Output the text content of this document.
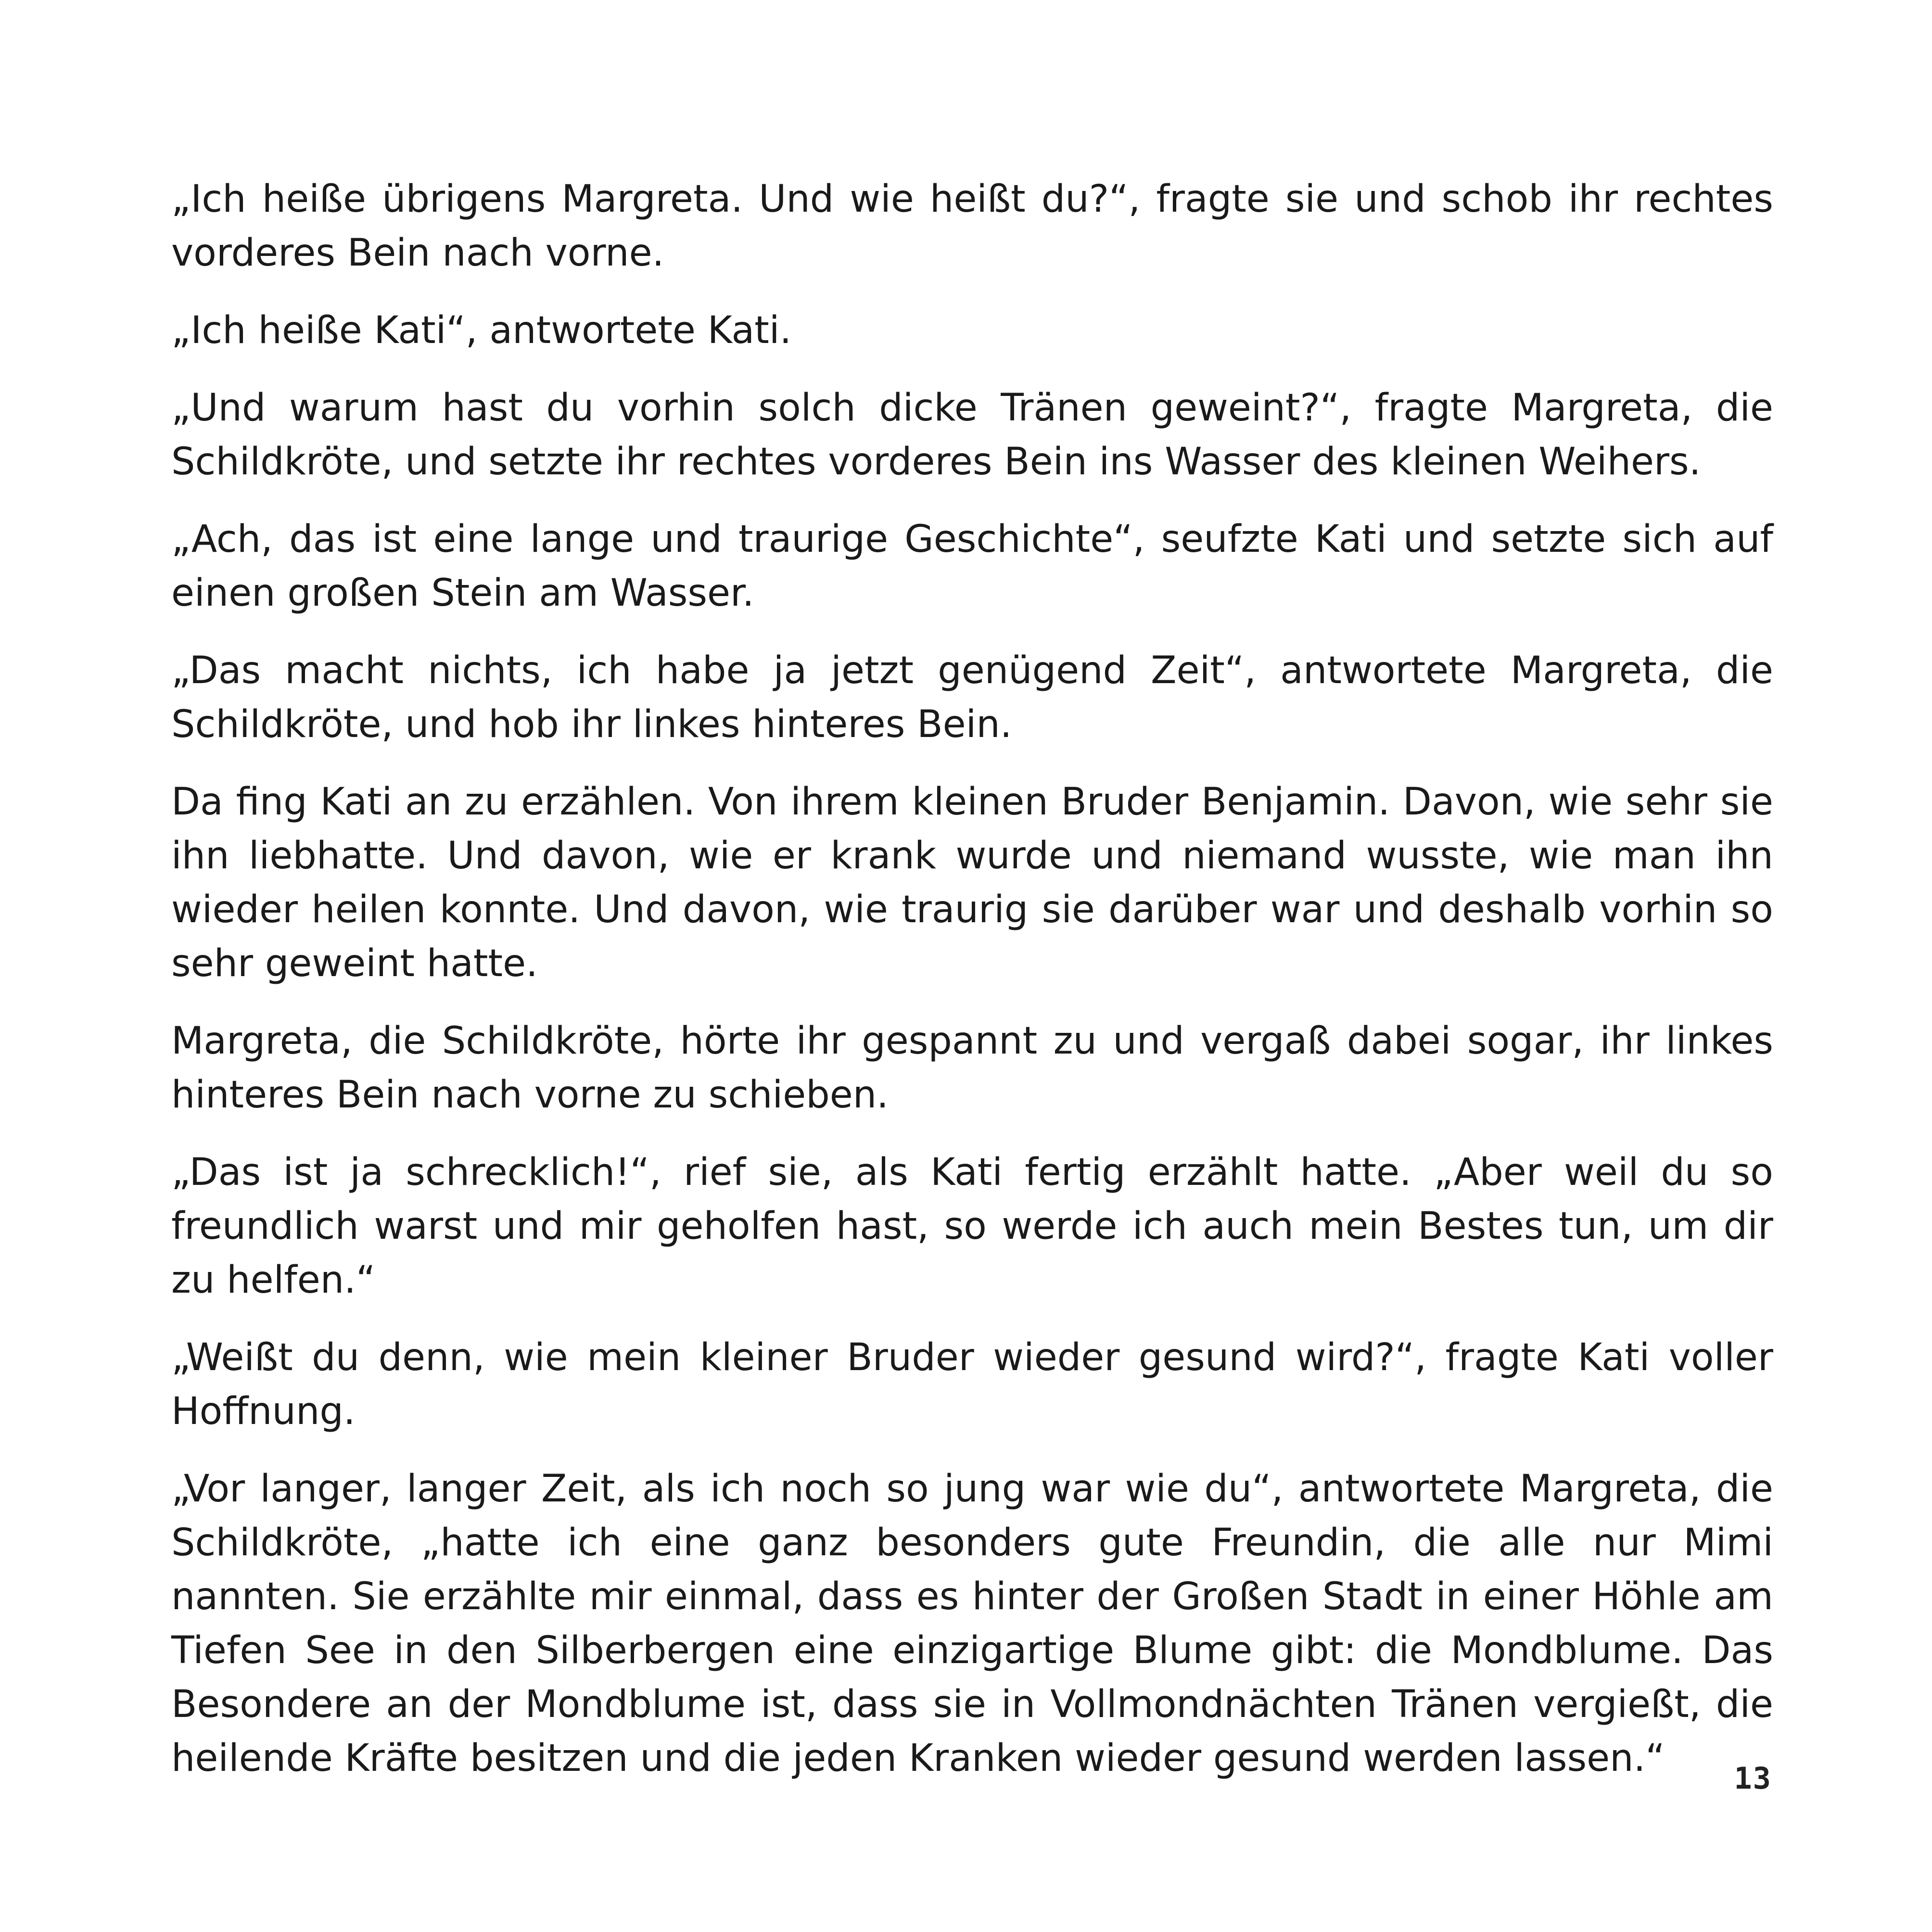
„Ich heiße übrigens Margreta. Und wie heißt du?“, fragte sie und schob ihr rechtes vorderes Bein nach vorne.

„Ich heiße Kati“, antwortete Kati.

„Und warum hast du vorhin solch dicke Tränen geweint?“, fragte Margreta, die Schildkröte, und setzte ihr rechtes vorderes Bein ins Wasser des kleinen Weihers.

„Ach, das ist eine lange und traurige Geschichte“, seufzte Kati und setzte sich auf einen großen Stein am Wasser.

„Das macht nichts, ich habe ja jetzt genügend Zeit“, antwortete Margreta, die Schildkröte, und hob ihr linkes hinteres Bein.

Da fing Kati an zu erzählen. Von ihrem kleinen Bruder Benjamin. Davon, wie sehr sie ihn liebhatte. Und davon, wie er krank wurde und niemand wusste, wie man ihn wieder heilen konnte. Und davon, wie traurig sie darüber war und deshalb vorhin so sehr geweint hatte.

Margreta, die Schildkröte, hörte ihr gespannt zu und vergaß dabei sogar, ihr linkes hinteres Bein nach vorne zu schieben.

„Das ist ja schrecklich!“, rief sie, als Kati fertig erzählt hatte. „Aber weil du so freundlich warst und mir geholfen hast, so werde ich auch mein Bestes tun, um dir zu helfen.“

„Weißt du denn, wie mein kleiner Bruder wieder gesund wird?“, fragte Kati voller Hoffnung.

„Vor langer, langer Zeit, als ich noch so jung war wie du“, antwortete Margreta, die Schildkröte, „hatte ich eine ganz besonders gute Freundin, die alle nur Mimi nannten. Sie erzählte mir einmal, dass es hinter der Großen Stadt in einer Höhle am Tiefen See in den Silberbergen eine einzigartige Blume gibt: die Mondblume. Das Besondere an der Mondblume ist, dass sie in Vollmondnächten Tränen vergießt, die heilende Kräfte besitzen und die jeden Kranken wieder gesund werden lassen.“	13
